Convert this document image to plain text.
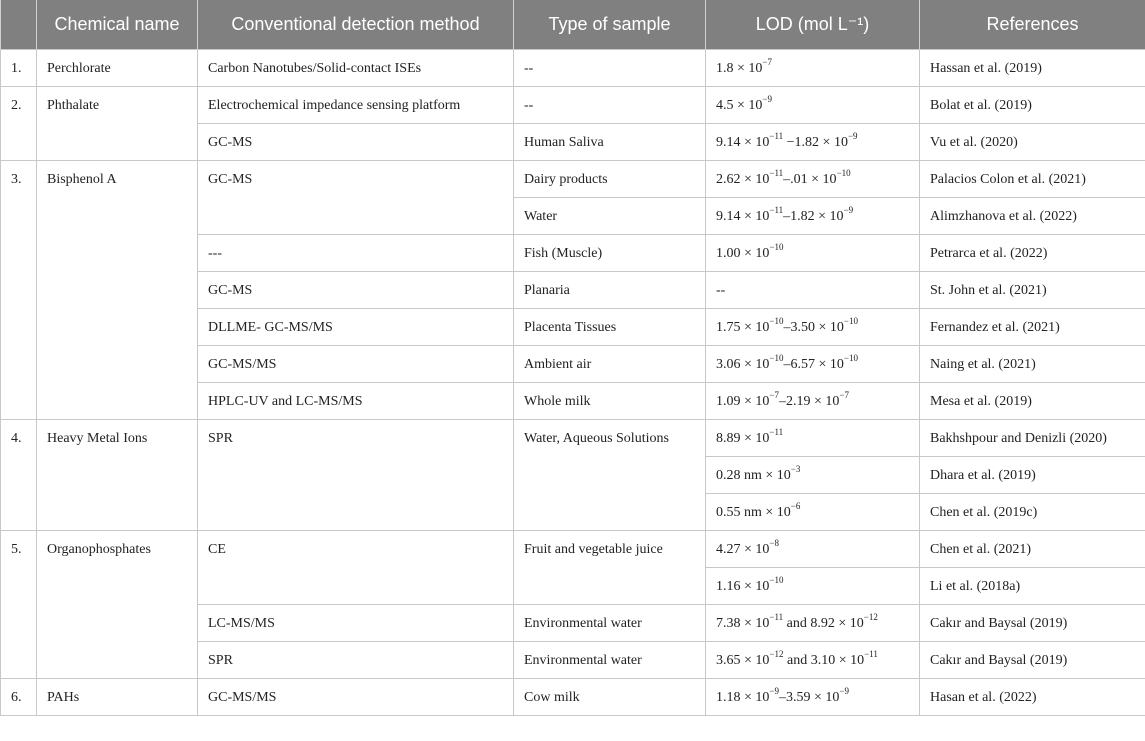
	Chemical name	Conventional detection method	Type of sample	LOD (mol L⁻¹)	References
1.	Perchlorate	Carbon Nanotubes/Solid-contact ISEs	--	$1.8 \times 10^{-7}$	Hassan et al. (2019)
2.	Phthalate	Electrochemical impedance sensing platform	--	$4.5 \times 10^{-9}$	Bolat et al. (2019)
		GC-MS	Human Saliva	$9.14 \times 10^{-11} -1.82 \times 10^{-9}$	Vu et al. (2020)
3.	Bisphenol A	GC-MS	Dairy products	$2.62 \times 10^{-11}-.01 \times 10^{-10}$	Palacios Colon et al. (2021)
			Water	$9.14 \times 10^{-11}-1.82 \times 10^{-9}$	Alimzhanova et al. (2022)
		---	Fish (Muscle)	$1.00 \times 10^{-10}$	Petrarca et al. (2022)
		GC-MS	Planaria	--	St. John et al. (2021)
		DLLME- GC-MS/MS	Placenta Tissues	$1.75 \times 10^{-10}-3.50 \times 10^{-10}$	Fernandez et al. (2021)
		GC-MS/MS	Ambient air	$3.06 \times 10^{-10}-6.57 \times 10^{-10}$	Naing et al. (2021)
		HPLC-UV and LC-MS/MS	Whole milk	$1.09 \times 10^{-7}-2.19 \times 10^{-7}$	Mesa et al. (2019)
4.	Heavy Metal Ions	SPR	Water, Aqueous Solutions	$8.89 \times 10^{-11}$	Bakhshpour and Denizli (2020)
				0.28 nm × $10^{-3}$	Dhara et al. (2019)
				0.55 nm × $10^{-6}$	Chen et al. (2019c)
5.	Organophosphates	CE	Fruit and vegetable juice	$4.27 \times 10^{-8}$	Chen et al. (2021)
				$1.16 \times 10^{-10}$	Li et al. (2018a)
		LC-MS/MS	Environmental water	$7.38 \times 10^{-11}$ and $8.92 \times 10^{-12}$	Cakır and Baysal (2019)
		SPR	Environmental water	$3.65 \times 10^{-12}$ and $3.10 \times 10^{-11}$	Cakır and Baysal (2019)
6.	PAHs	GC-MS/MS	Cow milk	$1.18 \times 10^{-9}-3.59 \times 10^{-9}$	Hasan et al. (2022)
